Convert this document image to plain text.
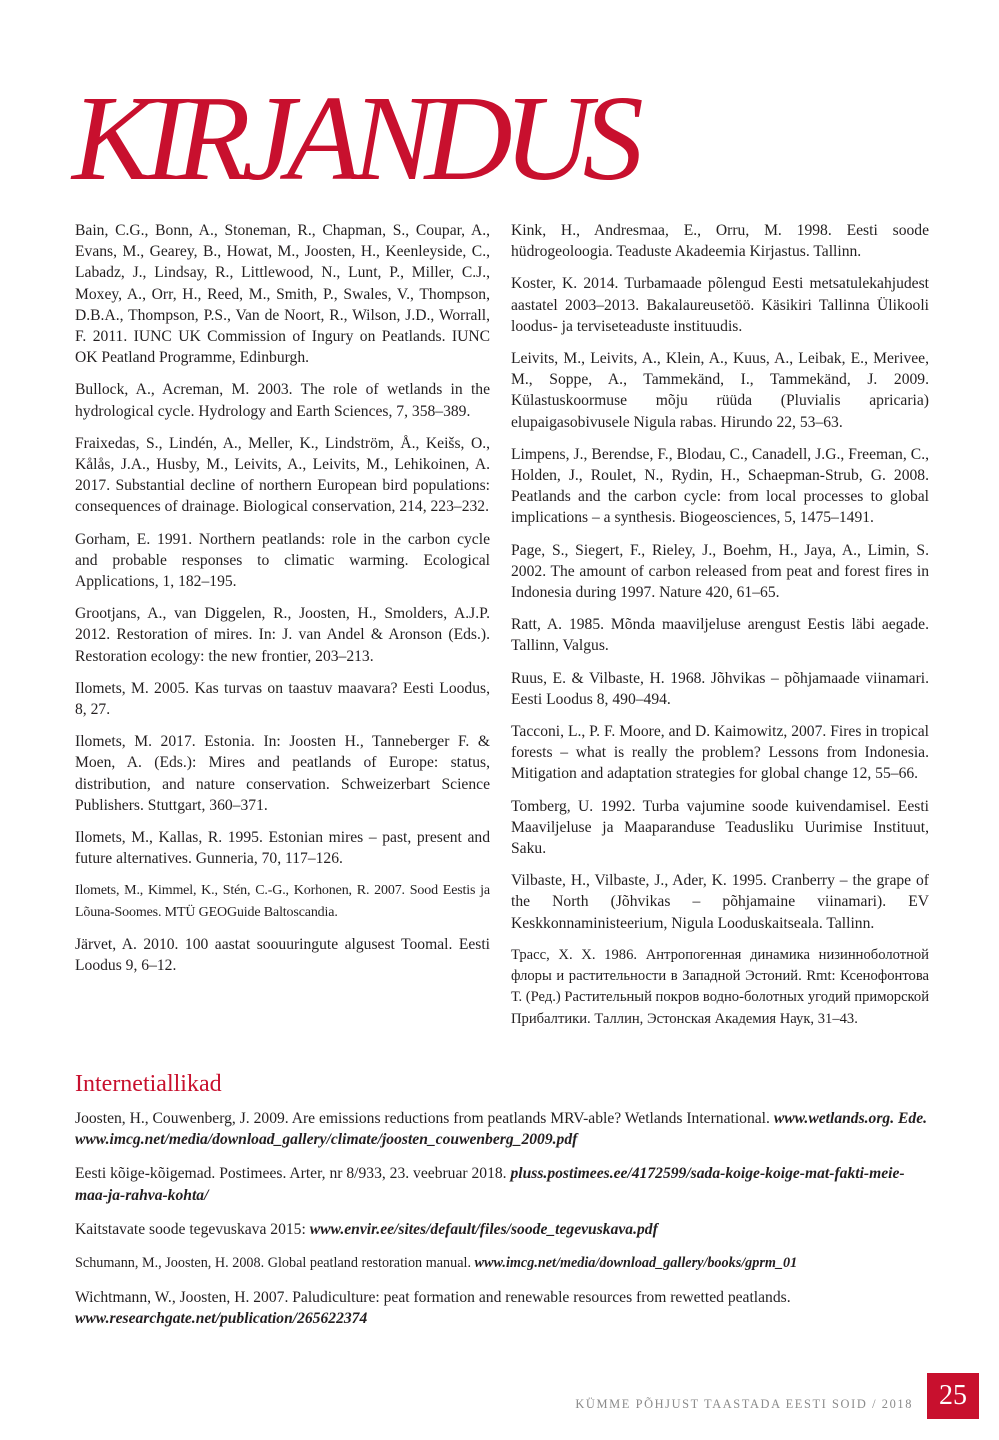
KIRJANDUS

Bain, C.G., Bonn, A., Stoneman, R., Chapman, S., Coupar, A., Evans, M., Gearey, B., Howat, M., Joosten, H., Keenleyside, C., Labadz, J., Lindsay, R., Littlewood, N., Lunt, P., Miller, C.J., Moxey, A., Orr, H., Reed, M., Smith, P., Swales, V., Thompson, D.B.A., Thompson, P.S., Van de Noort, R., Wilson, J.D., Worrall, F. 2011. IUNC UK Commission of Ingury on Peatlands. IUNC OK Peatland Programme, Edinburgh.

Bullock, A., Acreman, M. 2003. The role of wetlands in the hydrological cycle. Hydrology and Earth Sciences, 7, 358–389.

Fraixedas, S., Lindén, A., Meller, K., Lindström, Å., Keišs, O., Kålås, J.A., Husby, M., Leivits, A., Leivits, M., Lehikoinen, A. 2017. Substantial decline of northern European bird populations: consequences of drainage. Biological conservation, 214, 223–232.

Gorham, E. 1991. Northern peatlands: role in the carbon cycle and probable responses to climatic warming. Ecological Applications, 1, 182–195.

Grootjans, A., van Diggelen, R., Joosten, H., Smolders, A.J.P. 2012. Restoration of mires. In: J. van Andel & Aronson (Eds.). Restoration ecology: the new frontier, 203–213.

Ilomets, M. 2005. Kas turvas on taastuv maavara? Eesti Loodus, 8, 27.

Ilomets, M. 2017. Estonia. In: Joosten H., Tanneberger F. & Moen, A. (Eds.): Mires and peatlands of Europe: status, distribution, and nature conservation. Schweizerbart Science Publishers. Stuttgart, 360–371.

Ilomets, M., Kallas, R. 1995. Estonian mires – past, present and future alternatives. Gunneria, 70, 117–126.

Ilomets, M., Kimmel, K., Stén, C.-G., Korhonen, R. 2007. Sood Eestis ja Lõuna-Soomes. MTÜ GEOGuide Baltoscandia.

Järvet, A. 2010. 100 aastat soouuringute algusest Toomal. Eesti Loodus 9, 6–12.

Kink, H., Andresmaa, E., Orru, M. 1998. Eesti soode hüdrogeoloogia. Teaduste Akadeemia Kirjastus. Tallinn.

Koster, K. 2014. Turbamaade põlengud Eesti metsatulekahjudest aastatel 2003–2013. Bakalaureusetöö. Käsikiri Tallinna Ülikooli loodus- ja terviseteaduste instituudis.

Leivits, M., Leivits, A., Klein, A., Kuus, A., Leibak, E., Merivee, M., Soppe, A., Tammekänd, I., Tammekänd, J. 2009. Külastuskoormuse mõju rüüda (Pluvialis apricaria) elupaigasobivusele Nigula rabas. Hirundo 22, 53–63.

Limpens, J., Berendse, F., Blodau, C., Canadell, J.G., Freeman, C., Holden, J., Roulet, N., Rydin, H., Schaepman-Strub, G. 2008. Peatlands and the carbon cycle: from local processes to global implications – a synthesis. Biogeosciences, 5, 1475–1491.

Page, S., Siegert, F., Rieley, J., Boehm, H., Jaya, A., Limin, S. 2002. The amount of carbon released from peat and forest fires in Indonesia during 1997. Nature 420, 61–65.

Ratt, A. 1985. Mõnda maaviljeluse arengust Eestis läbi aegade. Tallinn, Valgus.

Ruus, E. & Vilbaste, H. 1968. Jõhvikas – põhjamaade viinamari. Eesti Loodus 8, 490–494.

Tacconi, L., P. F. Moore, and D. Kaimowitz, 2007. Fires in tropical forests – what is really the problem? Lessons from Indonesia. Mitigation and adaptation strategies for global change 12, 55–66.

Tomberg, U. 1992. Turba vajumine soode kuivendamisel. Eesti Maaviljeluse ja Maaparanduse Teadusliku Uurimise Instituut, Saku.

Vilbaste, H., Vilbaste, J., Ader, K. 1995. Cranberry – the grape of the North (Jõhvikas – põhjamaine viinamari). EV Keskkonnaministeerium, Nigula Looduskaitseala. Tallinn.

Трасс, Х. Х. 1986. Антропогенная динамика низинноболотной флоры и растительности в Западной Эстоний. Rmt: Ксенофонтова Т. (Ред.) Растительный покров водно-болотных угодий приморской Прибалтики. Таллин, Эстонская Академия Наук, 31–43.

Internetiallikad

Joosten, H., Couwenberg, J. 2009. Are emissions reductions from peatlands MRV-able? Wetlands International. www.wetlands.org. Ede. www.imcg.net/media/download_gallery/climate/joosten_couwenberg_2009.pdf

Eesti kõige-kõigemad. Postimees. Arter, nr 8/933, 23. veebruar 2018. pluss.postimees.ee/4172599/sada-koige-koige-mat-fakti-meie-maa-ja-rahva-kohta/

Kaitstavate soode tegevuskava 2015: www.envir.ee/sites/default/files/soode_tegevuskava.pdf

Schumann, M., Joosten, H. 2008. Global peatland restoration manual. www.imcg.net/media/download_gallery/books/gprm_01

Wichtmann, W., Joosten, H. 2007. Paludiculture: peat formation and renewable resources from rewetted peatlands. www.researchgate.net/publication/265622374

KÜMME PÕHJUST TAASTADA EESTI SOID / 2018 25
